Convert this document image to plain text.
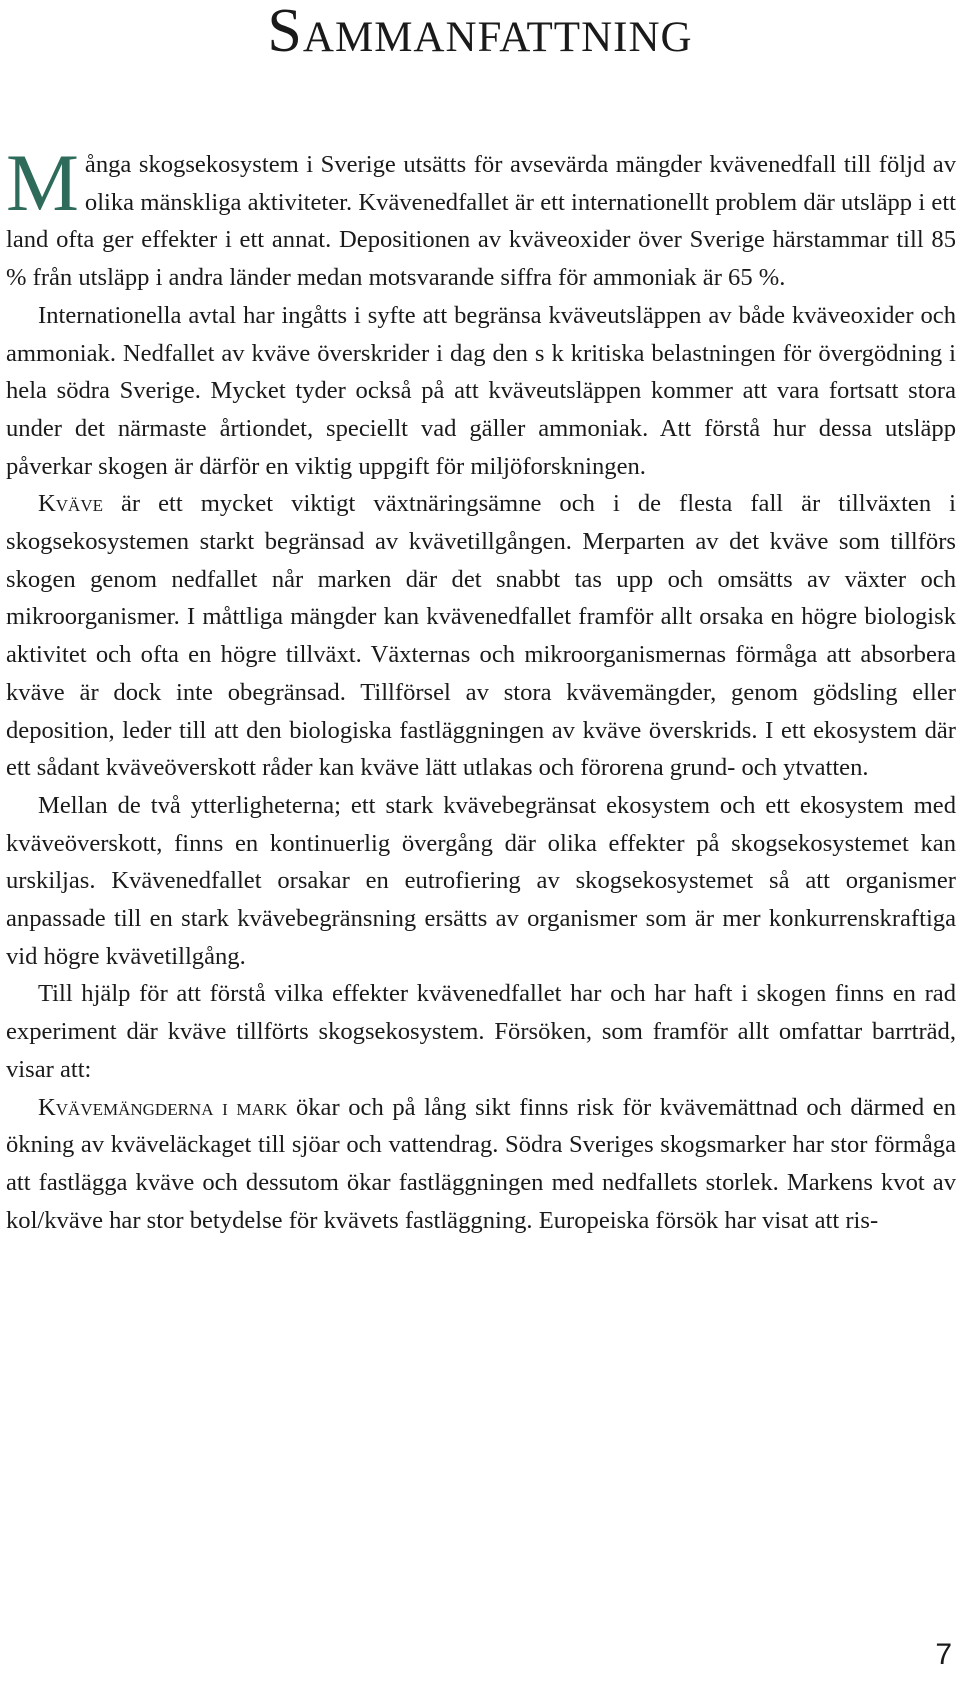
Sammanfattning

Många skogsekosystem i Sverige utsätts för avsevärda mängder kvävenedfall till följd av olika mänskliga aktiviteter. Kvävenedfallet är ett internationellt problem där utsläpp i ett land ofta ger effekter i ett annat. Depositionen av kväveoxider över Sverige härstammar till 85 % från utsläpp i andra länder medan motsvarande siffra för ammoniak är 65 %.

Internationella avtal har ingåtts i syfte att begränsa kväveutsläppen av både kväveoxider och ammoniak. Nedfallet av kväve överskrider i dag den s k kritiska belastningen för övergödning i hela södra Sverige. Mycket tyder också på att kväveutsläppen kommer att vara fortsatt stora under det närmaste årtiondet, speciellt vad gäller ammoniak. Att förstå hur dessa utsläpp påverkar skogen är därför en viktig uppgift för miljöforskningen.

Kväve är ett mycket viktigt växtnäringsämne och i de flesta fall är tillväxten i skogsekosystemen starkt begränsad av kvävetillgången. Merparten av det kväve som tillförs skogen genom nedfallet når marken där det snabbt tas upp och omsätts av växter och mikroorganismer. I måttliga mängder kan kvävenedfallet framför allt orsaka en högre biologisk aktivitet och ofta en högre tillväxt. Växternas och mikroorganismernas förmåga att absorbera kväve är dock inte obegränsad. Tillförsel av stora kvävemängder, genom gödsling eller deposition, leder till att den biologiska fastläggningen av kväve överskrids. I ett ekosystem där ett sådant kväveöverskott råder kan kväve lätt utlakas och förorena grund- och ytvatten.

Mellan de två ytterligheterna; ett stark kvävebegränsat ekosystem och ett ekosystem med kväveöverskott, finns en kontinuerlig övergång där olika effekter på skogsekosystemet kan urskiljas. Kvävenedfallet orsakar en eutrofiering av skogsekosystemet så att organismer anpassade till en stark kvävebegränsning ersätts av organismer som är mer konkurrenskraftiga vid högre kvävetillgång.

Till hjälp för att förstå vilka effekter kvävenedfallet har och har haft i skogen finns en rad experiment där kväve tillförts skogsekosystem. Försöken, som framför allt omfattar barrträd, visar att:

Kvävemängderna i mark ökar och på lång sikt finns risk för kvävemättnad och därmed en ökning av kväveläckaget till sjöar och vattendrag. Södra Sveriges skogsmarker har stor förmåga att fastlägga kväve och dessutom ökar fastläggningen med nedfallets storlek. Markens kvot av kol/kväve har stor betydelse för kvävets fastläggning. Europeiska försök har visat att ris-

7
